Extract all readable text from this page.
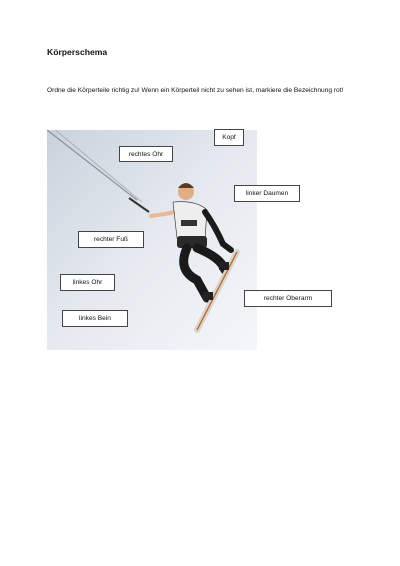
Körperschema
Ordne die Körperteile richtig zu! Wenn ein Körperteil nicht zu sehen ist, markiere die Bezeichnung rot!
Kopf
rechtes Ohr
linker Daumen
rechter Fuß
linkes Ohr
rechter Oberarm
linkes Bein
